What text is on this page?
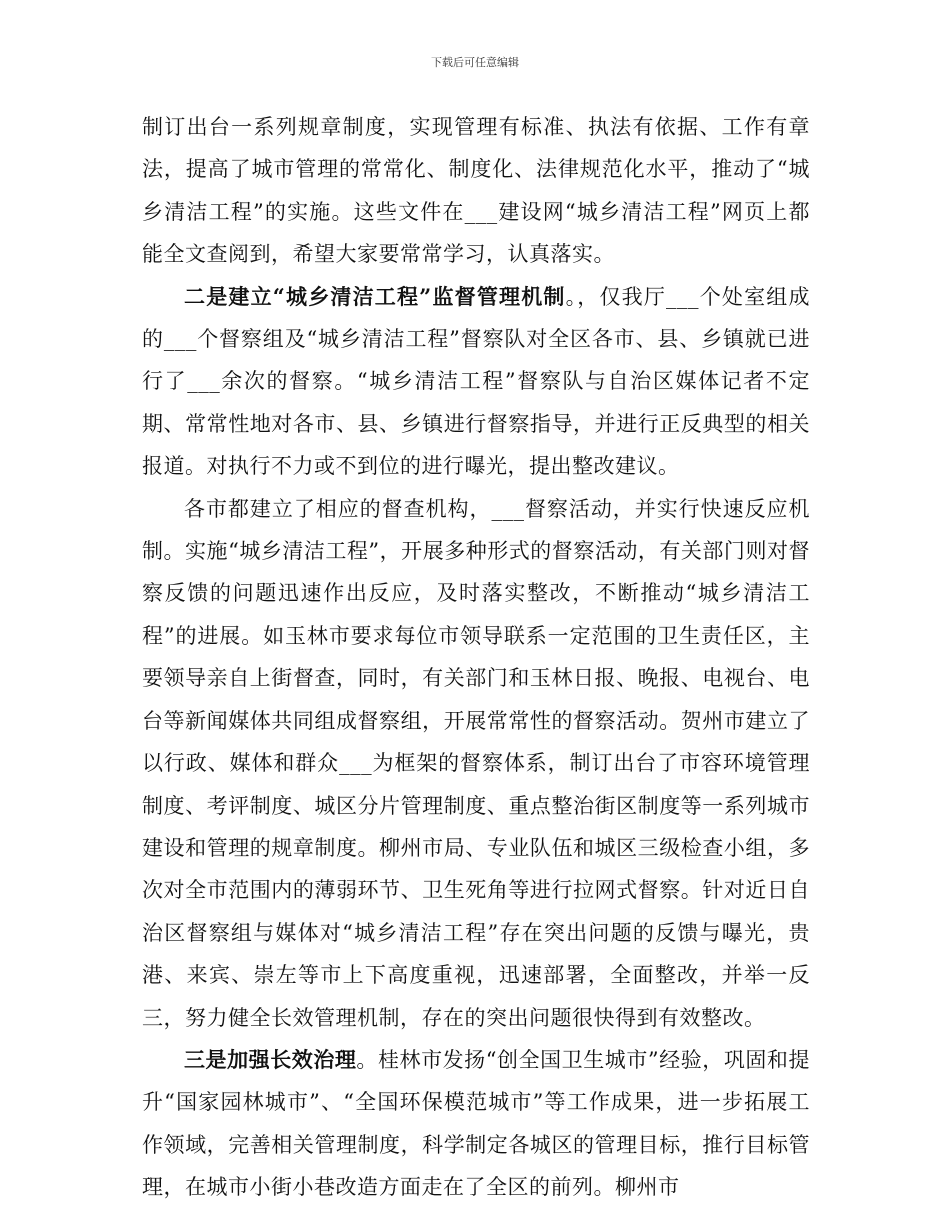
下载后可任意编辑

制订出台一系列规章制度，实现管理有标准、执法有依据、工作有章法，提高了城市管理的常常化、制度化、法律规范化水平，推动了“城乡清洁工程”的实施。这些文件在___建设网“城乡清洁工程”网页上都能全文查阅到，希望大家要常常学习，认真落实。

二是建立“城乡清洁工程”监督管理机制。，仅我厅___个处室组成的___个督察组及“城乡清洁工程”督察队对全区各市、县、乡镇就已进行了___余次的督察。“城乡清洁工程”督察队与自治区媒体记者不定期、常常性地对各市、县、乡镇进行督察指导，并进行正反典型的相关报道。对执行不力或不到位的进行曝光，提出整改建议。

各市都建立了相应的督查机构，___督察活动，并实行快速反应机制。实施“城乡清洁工程”，开展多种形式的督察活动，有关部门则对督察反馈的问题迅速作出反应，及时落实整改，不断推动“城乡清洁工程”的进展。如玉林市要求每位市领导联系一定范围的卫生责任区，主要领导亲自上街督查，同时，有关部门和玉林日报、晚报、电视台、电台等新闻媒体共同组成督察组，开展常常性的督察活动。贺州市建立了以行政、媒体和群众___为框架的督察体系，制订出台了市容环境管理制度、考评制度、城区分片管理制度、重点整治街区制度等一系列城市建设和管理的规章制度。柳州市局、专业队伍和城区三级检查小组，多次对全市范围内的薄弱环节、卫生死角等进行拉网式督察。针对近日自治区督察组与媒体对“城乡清洁工程”存在突出问题的反馈与曝光，贵港、来宾、崇左等市上下高度重视，迅速部署，全面整改，并举一反三，努力健全长效管理机制，存在的突出问题很快得到有效整改。

三是加强长效治理。桂林市发扬“创全国卫生城市”经验，巩固和提升“国家园林城市”、“全国环保模范城市”等工作成果，进一步拓展工作领域，完善相关管理制度，科学制定各城区的管理目标，推行目标管理，在城市小街小巷改造方面走在了全区的前列。柳州市
